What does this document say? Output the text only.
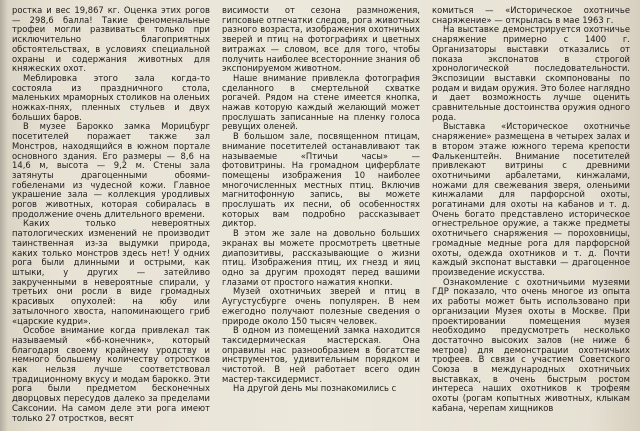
ростка и вес 19,867 кг. Оценка этих рогов — 298,6 балла! Такие феноменальные трофеи могли развиваться только при исключительно благоприятных обстоятельствах, в условиях специальной охраны и содержания животных для княжеских охот.

Меблировка этого зала когда-то состояла из праздничного стола, маленьких мраморных столиков на оленьих ножках-пнях, пленных стульев и двух больших баров.

В музее Барокко замка Морицбург посетителей поражает также зал Монстров, находящийся в южном портале основного здания. Его размеры — 8,6 на 14,6 м, высота — 9,2 м. Стены зала затянуты драгоценными обоями-гобеленами из чудесной кожи. Главное украшение зала — коллекция уродливых рогов животных, которая собиралась в продолжение очень длительного времени.

Каких только невероятных патологических изменений не производит таинственная из-за выдумки природа, каких только монстров здесь нет! У одних рога были длинными и острыми, как штыки, у других — затейливо закрученными в невероятные спирали, у третьих они росли в виде громадных красивых опухолей: на юбу или затылочного хвоста, напоминающего гриб «царские кудри».

Особое внимание когда привлекал так называемый «66-конечник», который благодаря своему крайнему уродству и немного большему количеству отростков как нельзя лучше соответствовал традиционному вкусу и модам барокко. Эти рога были предметом бесконечных дворцовых пересудов далеко за пределами Саксонии. На самом деле эти рога имеют только 27 отростков, весят

висимости от сезона размножения, гипсовые отпечатки следов, рога животных разного возраста, изображения охотничьих зверей и птиц на фотографиях и цветных витражах — словом, все для того, чтобы получить наиболее всесторонние знания об экспонируемом животном.

Наше внимание привлекла фотография сделанного в смертельной схватке рогачей. Рядом на стене имеется кнопка, нажав которую каждый желающий может прослушать записанные на пленку голоса ревущих оленей.

В большом зале, посвященном птицам, внимание посетителей останавливают так называемые «Птичьи часы» — фотовитрины. На громадном циферблате помещены изображения 10 наиболее многочисленных местных птиц. Включив магнитофонную запись, вы можете прослушать их песни, об особенностях которых вам подробно рассказывает диктор.

В этом же зале на довольно больших экранах вы можете просмотреть цветные диапозитивы, рассказывающие о жизни птиц. Изображения птиц, их гнезд и яиц одно за другим проходят перед вашими глазами от простого нажатия кнопки.

Музей охотничьих зверей и птиц в Аугустусбурге очень популярен. В нем ежегодно получают полезные сведения о природе около 150 тысяч человек.

В одном из помещений замка находится таксидермическая мастерская. Она оправилы нас разнообразием в богатстве инструментов, удивительным порядком и чистотой. В ней работает всего один мастер-таксидермист.

На другой день мы познакомились с

комиться — «Историческое охотничье снаряжение» — открылась в мае 1963 г.

На выставке демонстрируется охотничье снаряжение примерно с 1400 г. Организаторы выставки отказались от показа экспонатов в строгой хронологической последовательности. Экспозиции выставки скомпонованы по родам и видам оружия. Это более наглядно и дает возможность лучше оценить сравнительные достоинства оружия одного рода.

Выставка «Историческое охотничье снаряжение» размещена в четырех залах и в втором этаже южного терема крепости Фалькенштейн. Внимание посетителей привлекают витрины с древними охотничьими арбалетами, кинжалами, ножами для свежевания зверя, оленьими кинжалами для парфорсной охоты, рогатинами для охоты на кабанов и т. д. Очень богато представлено историческое огнестрельное оружие, а также предметы охотничьего снаряжения — пороховницы, громадные медные рога для парфорсной охоты, одежда охотников и т. д. Почти каждый экспонат выставки — драгоценное произведение искусства.

Ознакомление с охотничьими музеями ГДР показало, что очень многое из опыта их работы может быть использовано при организации Музея охоты в Москве. При проектировании помещения музея необходимо предусмотреть несколько достаточно высоких залов (не ниже 6 метров) для демонстрации охотничьих трофеев. В связи с участием Советского Союза в международных охотничьих выставках, в очень быстрым ростом интереса наших охотников к трофеям охоты (рогам копытных животных, клыкам кабана, черепам хищников
